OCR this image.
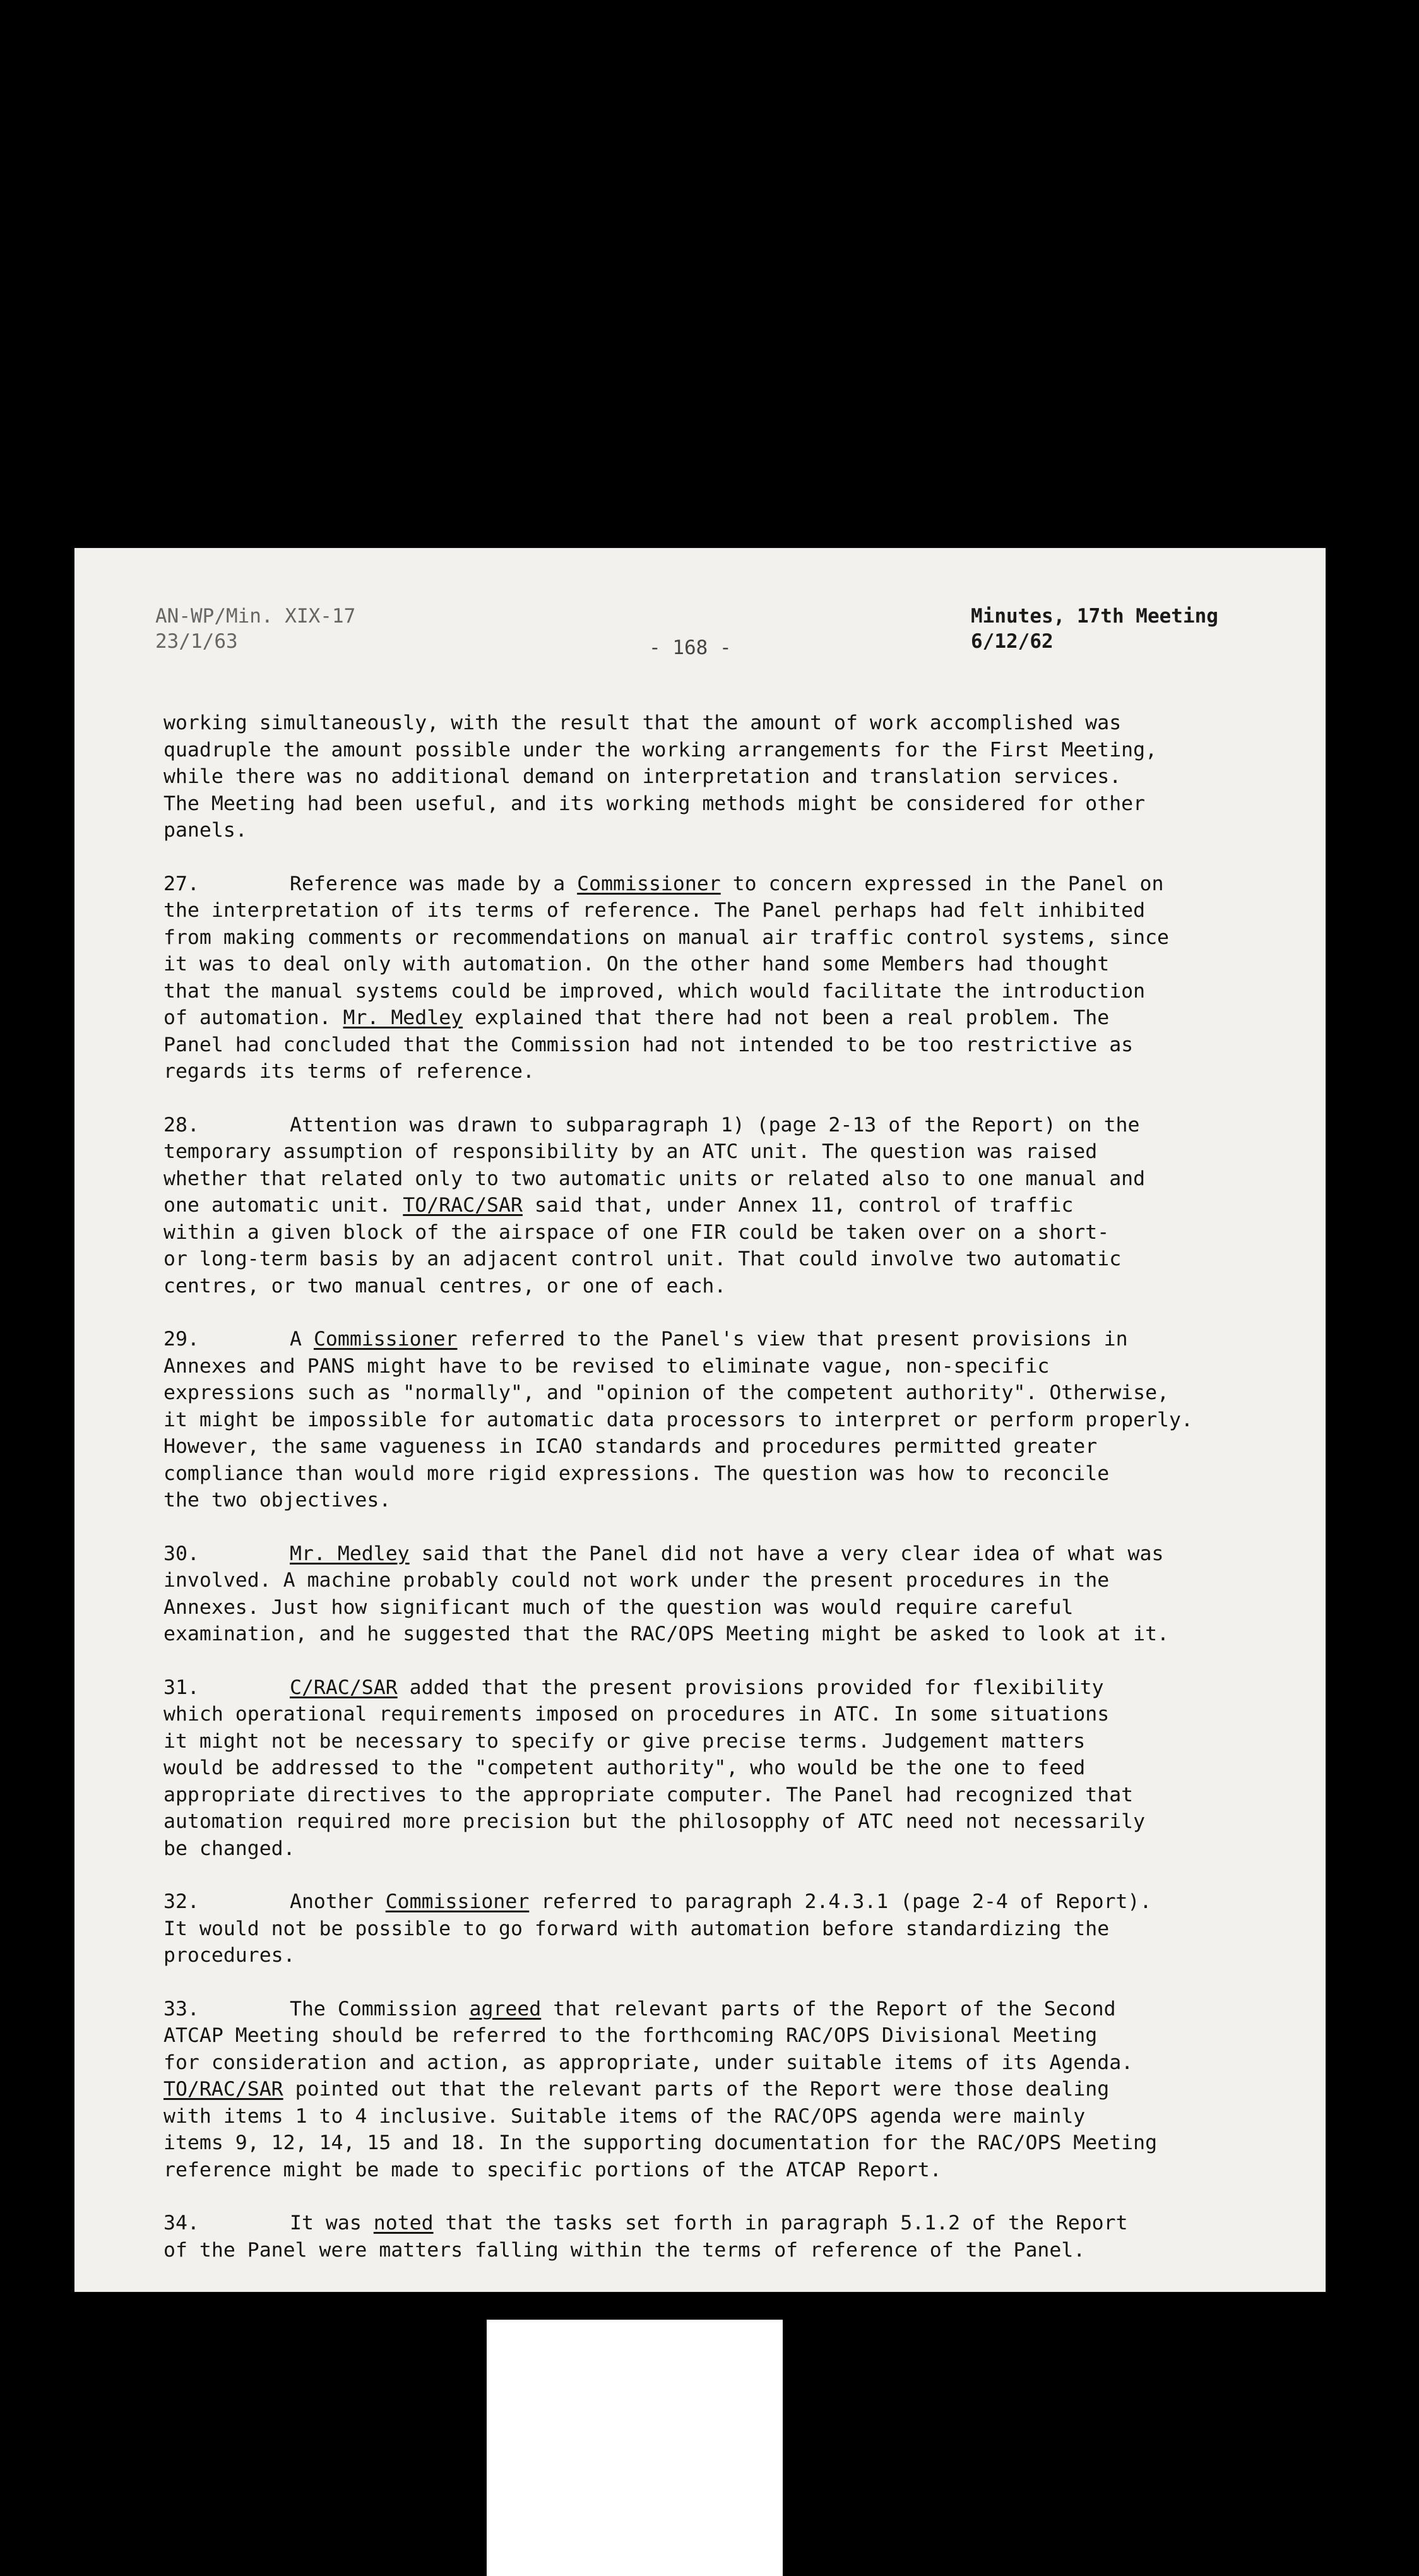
AN-WP/Min. XIX-17
23/1/63	- 168 -
Minutes, 17th Meeting
6/12/62
working simultaneously, with the result that the amount of work accomplished was
quadruple the amount possible under the working arrangements for the First Meeting,
while there was no additional demand on interpretation and translation services.
The Meeting had been useful, and its working methods might be considered for other
panels.
27.	Reference was made by a Commissioner to concern expressed in the Panel on
the interpretation of its terms of reference. The Panel perhaps had felt inhibited
from making comments or recommendations on manual air traffic control systems, since
it was to deal only with automation. On the other hand some Members had thought
that the manual systems could be improved, which would facilitate the introduction
of automation. Mr. Medley explained that there had not been a real problem. The
Panel had concluded that the Commission had not intended to be too restrictive as
regards its terms of reference.
28.	Attention was drawn to subparagraph 1) (page 2-13 of the Report) on the
temporary assumption of responsibility by an ATC unit. The question was raised
whether that related only to two automatic units or related also to one manual and
one automatic unit. TO/RAC/SAR said that, under Annex 11, control of traffic
within a given block of the airspace of one FIR could be taken over on a short-
or long-term basis by an adjacent control unit. That could involve two automatic
centres, or two manual centres, or one of each.
29.	A Commissioner referred to the Panel's view that present provisions in
Annexes and PANS might have to be revised to eliminate vague, non-specific
expressions such as "normally", and "opinion of the competent authority". Otherwise,
it might be impossible for automatic data processors to interpret or perform properly.
However, the same vagueness in ICAO standards and procedures permitted greater
compliance than would more rigid expressions. The question was how to reconcile
the two objectives.
30.	Mr. Medley said that the Panel did not have a very clear idea of what was
involved. A machine probably could not work under the present procedures in the
Annexes. Just how significant much of the question was would require careful
examination, and he suggested that the RAC/OPS Meeting might be asked to look at it.
31.	C/RAC/SAR added that the present provisions provided for flexibility
which operational requirements imposed on procedures in ATC. In some situations
it might not be necessary to specify or give precise terms. Judgement matters
would be addressed to the "competent authority", who would be the one to feed
appropriate directives to the appropriate computer. The Panel had recognized that
automation required more precision but the philosopphy of ATC need not necessarily
be changed.
32.	Another Commissioner referred to paragraph 2.4.3.1 (page 2-4 of Report).
It would not be possible to go forward with automation before standardizing the
procedures.
33.	The Commission agreed that relevant parts of the Report of the Second
ATCAP Meeting should be referred to the forthcoming RAC/OPS Divisional Meeting
for consideration and action, as appropriate, under suitable items of its Agenda.
TO/RAC/SAR pointed out that the relevant parts of the Report were those dealing
with items 1 to 4 inclusive. Suitable items of the RAC/OPS agenda were mainly
items 9, 12, 14, 15 and 18. In the supporting documentation for the RAC/OPS Meeting
reference might be made to specific portions of the ATCAP Report.
34.	It was noted that the tasks set forth in paragraph 5.1.2 of the Report
of the Panel were matters falling within the terms of reference of the Panel.
